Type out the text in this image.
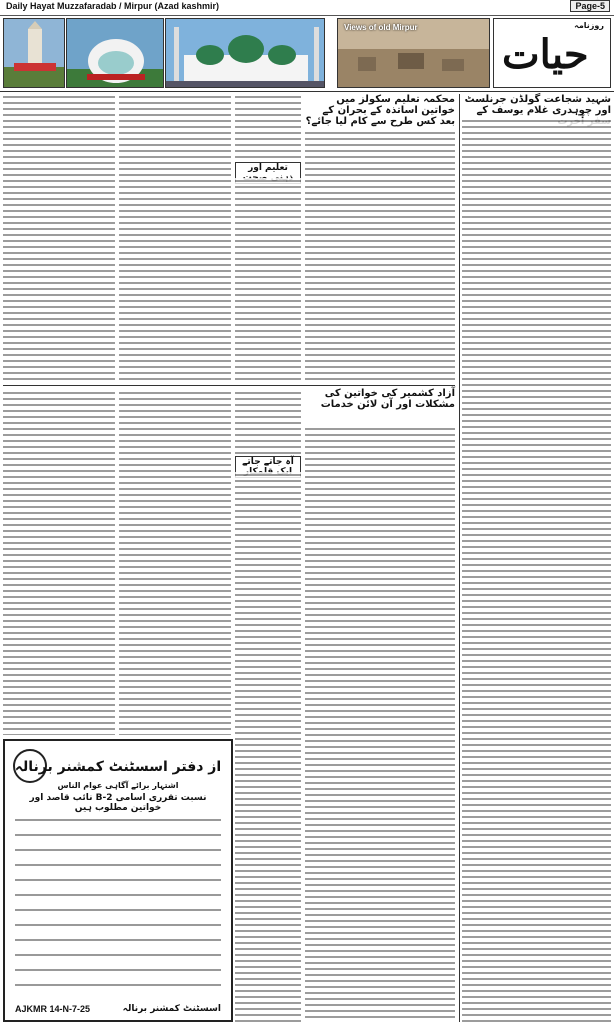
Daily Hayat Muzzafaradab / Mirpur (Azad kashmir)	Page-5
Views of old Mirpur	روزنامہ
حیات
شہید شجاعت گولڈن جرنلسٹ اور چوہدری غلام یوسف کے
محکمہ تعلیم سکولز میں خواتین اساتذہ کے بحران کے بعد کس طرح سے کام لیا جائے؟
آزاد کشمیر کی خواتین کی مشکلات اور آن لائن خدمات
تعلیم اور
آہ جاتے جاتے
از دفتر اسسٹنٹ کمشنر برنالہ
اشتہار برائے آگاہی عوام الناس
نسبت تقرری اسامی B-2 نائب قاصد اور خواتین مطلوب ہیں
AJKMR 14-N-7-25	اسسٹنٹ کمشنر برنالہ
